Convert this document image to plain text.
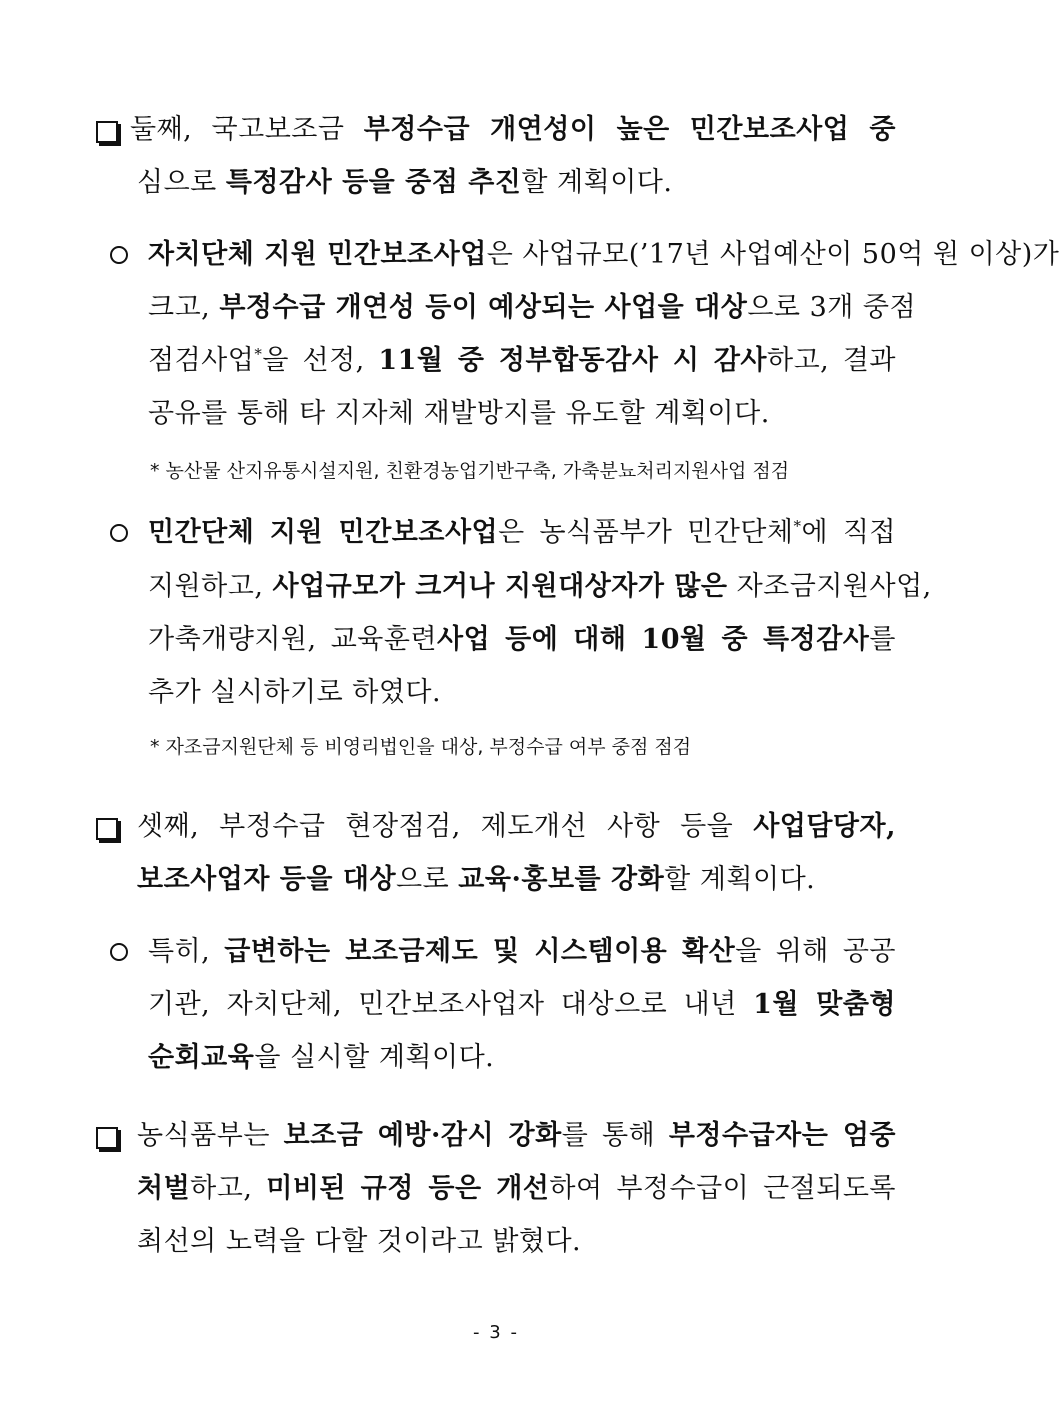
둘째, 국고보조금 부정수급 개연성이 높은 민간보조사업 중
심으로 특정감사 등을 중점 추진할 계획이다.
자치단체 지원 민간보조사업은 사업규모(’17년 사업예산이 50억 원 이상)가
크고, 부정수급 개연성 등이 예상되는 사업을 대상으로 3개 중점
점검사업*을 선정, 11월 중 정부합동감사 시 감사하고, 결과
공유를 통해 타 지자체 재발방지를 유도할 계획이다.
* 농산물 산지유통시설지원, 친환경농업기반구축, 가축분뇨처리지원사업 점검
민간단체 지원 민간보조사업은 농식품부가 민간단체*에 직접
지원하고, 사업규모가 크거나 지원대상자가 많은 자조금지원사업,
가축개량지원, 교육훈련사업 등에 대해 10월 중 특정감사를
추가 실시하기로 하였다.
* 자조금지원단체 등 비영리법인을 대상, 부정수급 여부 중점 점검
셋째, 부정수급 현장점검, 제도개선 사항 등을 사업담당자,
보조사업자 등을 대상으로 교육·홍보를 강화할 계획이다.
특히, 급변하는 보조금제도 및 시스템이용 확산을 위해 공공
기관, 자치단체, 민간보조사업자 대상으로 내년 1월 맞춤형
순회교육을 실시할 계획이다.
농식품부는 보조금 예방·감시 강화를 통해 부정수급자는 엄중
처벌하고, 미비된 규정 등은 개선하여 부정수급이 근절되도록
최선의 노력을 다할 것이라고 밝혔다.
- 3 -
